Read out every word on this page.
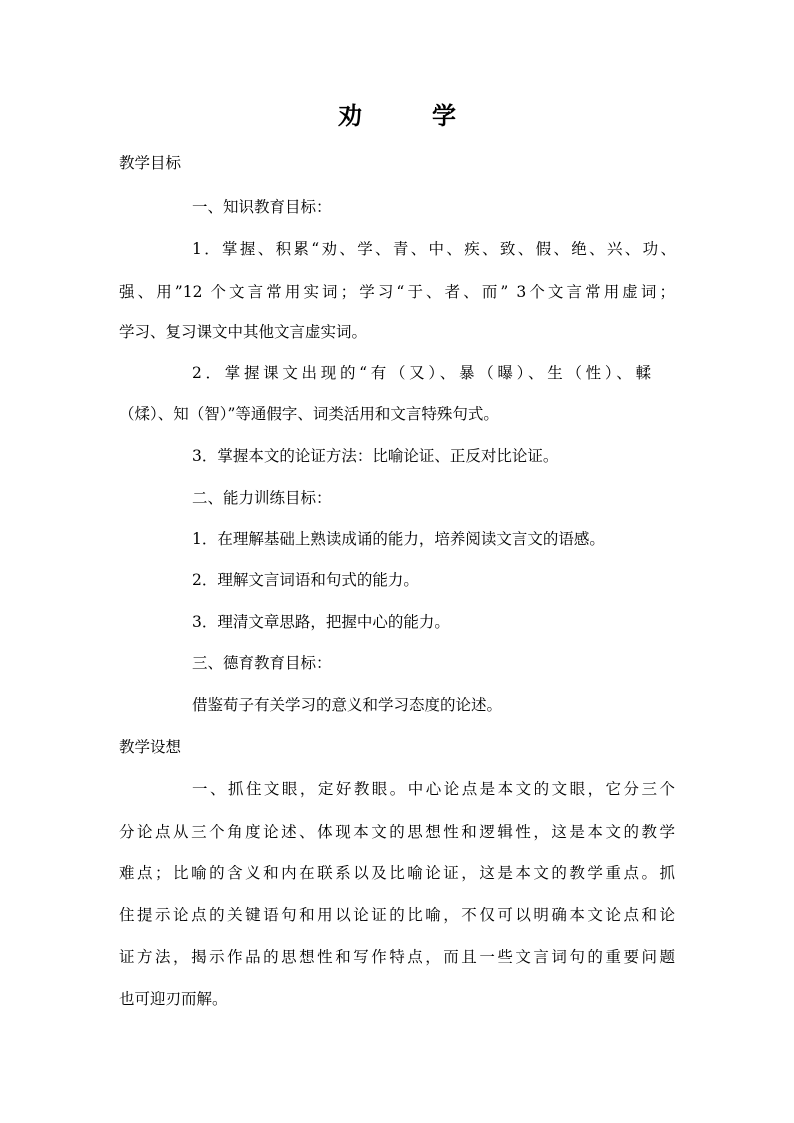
劝	学
教学目标
一、知识教育目标：
1．掌握、积累“劝、学、青、中、疾、致、假、绝、兴、功、
强、用”12 个文言常用实词；学习“于、者、而” 3个文言常用虚词；
学习、复习课文中其他文言虚实词。
2．掌握课文出现的“有（又）、暴（曝）、生（性）、輮
（煣）、知（智）”等通假字、词类活用和文言特殊句式。
3．掌握本文的论证方法：比喻论证、正反对比论证。
二、能力训练目标：
1．在理解基础上熟读成诵的能力，培养阅读文言文的语感。
2．理解文言词语和句式的能力。
3．理清文章思路，把握中心的能力。
三、德育教育目标：
借鉴荀子有关学习的意义和学习态度的论述。
教学设想
一、抓住文眼，定好教眼。中心论点是本文的文眼，它分三个
分论点从三个角度论述、体现本文的思想性和逻辑性，这是本文的教学
难点；比喻的含义和内在联系以及比喻论证，这是本文的教学重点。抓
住提示论点的关键语句和用以论证的比喻，不仅可以明确本文论点和论
证方法，揭示作品的思想性和写作特点，而且一些文言词句的重要问题
也可迎刃而解。
